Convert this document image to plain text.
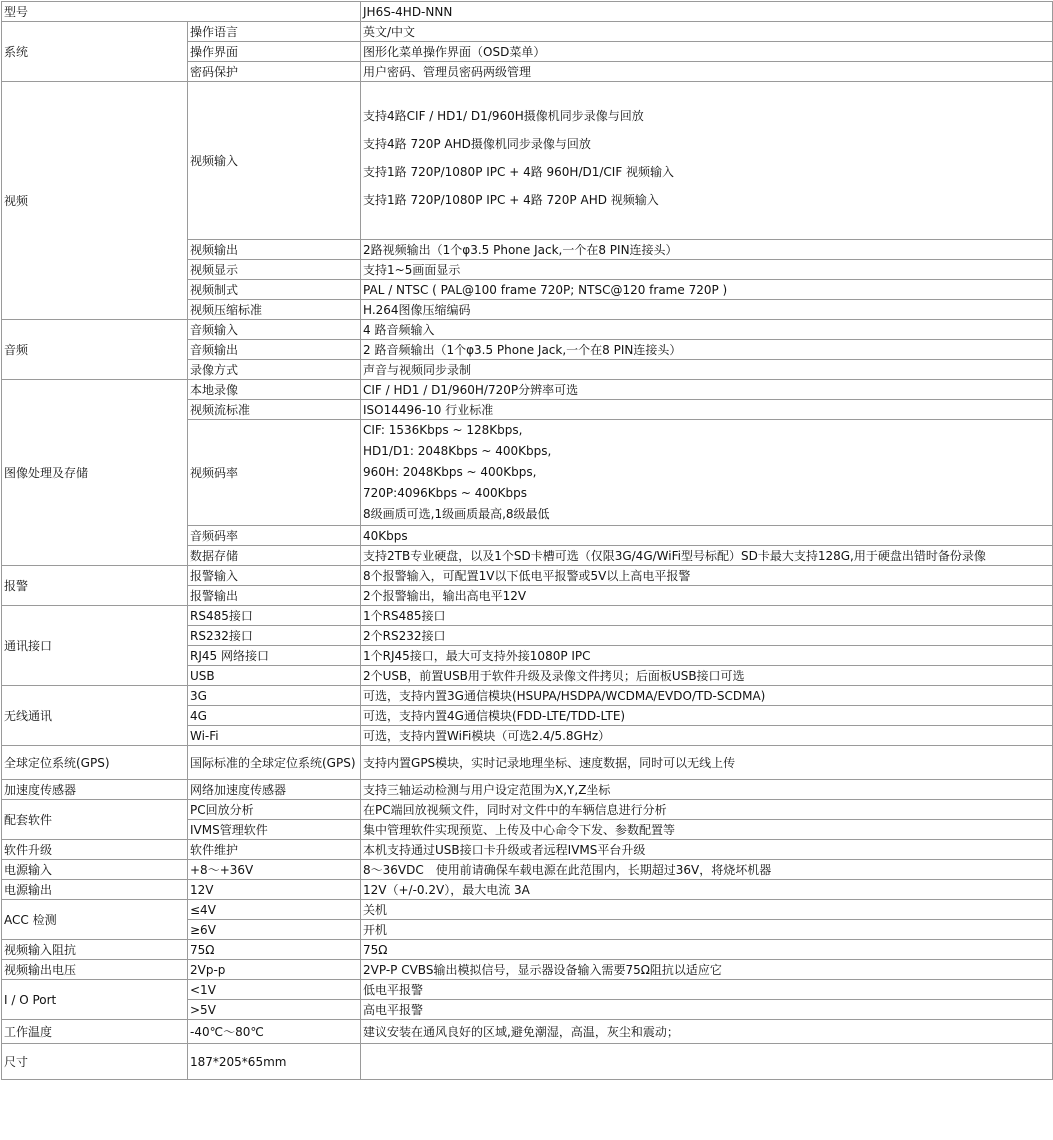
型号		JH6S-4HD-NNN
系统	操作语言	英文/中文
	操作界面	图形化菜单操作界面（OSD菜单）
	密码保护	用户密码、管理员密码两级管理
视频	视频输入	支持4路CIF / HD1/ D1/960H摄像机同步录像与回放
支持4路 720P AHD摄像机同步录像与回放
支持1路 720P/1080P IPC + 4路 960H/D1/CIF 视频输入
支持1路 720P/1080P IPC + 4路 720P AHD 视频输入

	视频输出	2路视频输出（1个φ3.5 Phone Jack,一个在8 PIN连接头）
	视频显示	支持1~5画面显示
	视频制式	PAL / NTSC ( PAL@100 frame 720P; NTSC@120 frame 720P )
	视频压缩标准	H.264图像压缩编码
音频	音频输入	4 路音频输入
	音频输出	2 路音频输出（1个φ3.5 Phone Jack,一个在8 PIN连接头）
	录像方式	声音与视频同步录制
图像处理及存储	本地录像	CIF / HD1 / D1/960H/720P分辨率可选
	视频流标准	ISO14496-10 行业标准
	视频码率	CIF: 1536Kbps ~ 128Kbps,
HD1/D1: 2048Kbps ~ 400Kbps,
960H: 2048Kbps ~ 400Kbps,
720P:4096Kbps ~ 400Kbps
8级画质可选,1级画质最高,8级最低

	音频码率	40Kbps
	数据存储	支持2TB专业硬盘，以及1个SD卡槽可选（仅限3G/4G/WiFi型号标配）SD卡最大支持128G,用于硬盘出错时备份录像
报警	报警输入	8个报警输入，可配置1V以下低电平报警或5V以上高电平报警
	报警输出	2个报警输出，输出高电平12V
通讯接口	RS485接口	1个RS485接口
	RS232接口	2个RS232接口
	RJ45 网络接口	1个RJ45接口，最大可支持外接1080P IPC
	USB	2个USB，前置USB用于软件升级及录像文件拷贝；后面板USB接口可选
无线通讯	3G	可选，支持内置3G通信模块(HSUPA/HSDPA/WCDMA/EVDO/TD-SCDMA)
	4G	可选，支持内置4G通信模块(FDD-LTE/TDD-LTE)
	Wi-Fi	可选，支持内置WiFi模块（可选2.4/5.8GHz）
全球定位系统(GPS)	国际标准的全球定位系统(GPS)	支持内置GPS模块，实时记录地理坐标、速度数据，同时可以无线上传
加速度传感器	网络加速度传感器	支持三轴运动检测与用户设定范围为X,Y,Z坐标
配套软件	PC回放分析	在PC端回放视频文件，同时对文件中的车辆信息进行分析
	IVMS管理软件	集中管理软件实现预览、上传及中心命令下发、参数配置等
软件升级	软件维护	本机支持通过USB接口卡升级或者远程IVMS平台升级
电源输入	+8～+36V	8～36VDC　使用前请确保车载电源在此范围内，长期超过36V，将烧坏机器
电源输出	12V	12V（+/-0.2V），最大电流 3A
ACC 检测	≤4V	关机
	≥6V	开机
视频输入阻抗	75Ω	75Ω
视频输出电压	2Vp-p	2VP-P CVBS输出模拟信号，显示器设备输入需要75Ω阻抗以适应它
I / O Port	<1V	低电平报警
	>5V	高电平报警
工作温度	-40℃～80℃	建议安装在通风良好的区域,避免潮湿，高温，灰尘和震动；
尺寸	187*205*65mm	
